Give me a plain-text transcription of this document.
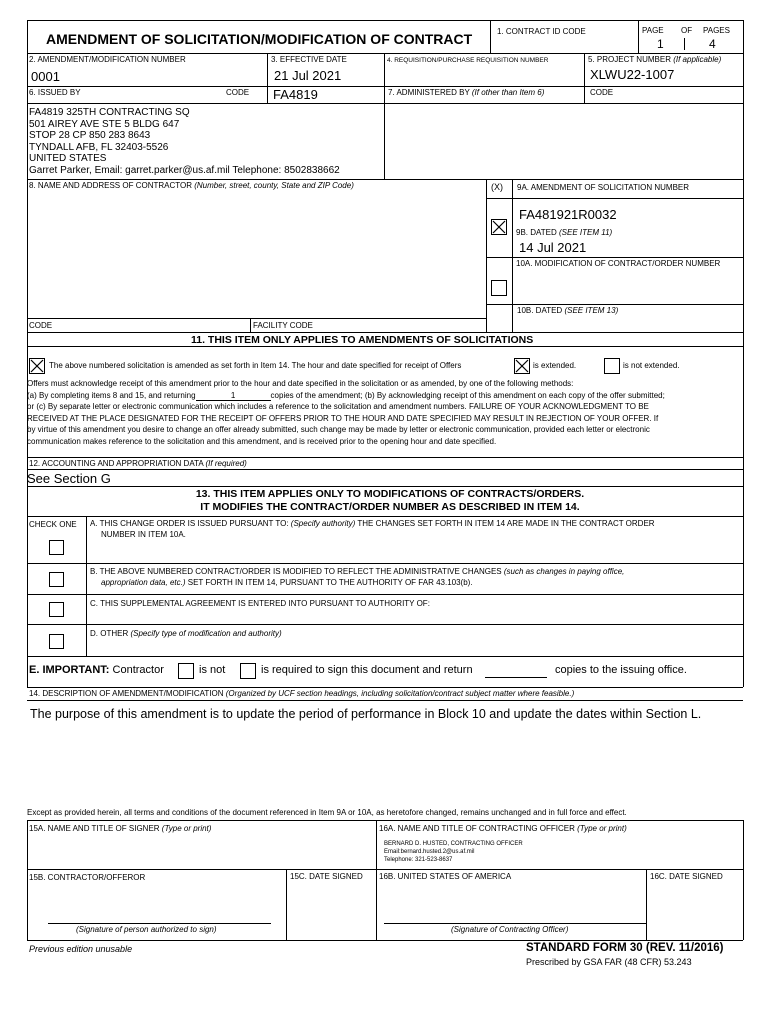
AMENDMENT OF SOLICITATION/MODIFICATION OF CONTRACT	1. CONTRACT ID CODE	PAGE OF PAGES
1	4
2. AMENDMENT/MODIFICATION NUMBER
0001
3. EFFECTIVE DATE
21 Jul 2021
4. REQUISITION/PURCHASE REQUISITION NUMBER	5. PROJECT NUMBER (If applicable)
XLWU22-1007
6. ISSUED BY	CODE FA4819	7. ADMINISTERED BY (If other than Item 6)	CODE
FA4819 325TH CONTRACTING SQ
501 AIREY AVE STE 5 BLDG 647
STOP 28 CP 850 283 8643
TYNDALL AFB, FL 32403-5526
UNITED STATES
Garret Parker, Email: garret.parker@us.af.mil Telephone: 8502838662
8. NAME AND ADDRESS OF CONTRACTOR (Number, street, county, State and ZIP Code)	(X) 9A. AMENDMENT OF SOLICITATION NUMBER
FA481921R0032
9B. DATED (SEE ITEM 11)
14 Jul 2021
10A. MODIFICATION OF CONTRACT/ORDER NUMBER
10B. DATED (SEE ITEM 13)
CODE	FACILITY CODE
11. THIS ITEM ONLY APPLIES TO AMENDMENTS OF SOLICITATIONS
The above numbered solicitation is amended as set forth in Item 14. The hour and date specified for receipt of Offers	is extended.	is not extended.
Offers must acknowledge receipt of this amendment prior to the hour and date specified in the solicitation or as amended, by one of the following methods:
(a) By completing items 8 and 15, and returning	1	copies of the amendment; (b) By acknowledging receipt of this amendment on each copy of the offer submitted;
or (c) By separate letter or electronic communication which includes a reference to the solicitation and amendment numbers. FAILURE OF YOUR ACKNOWLEDGMENT TO BE
RECEIVED AT THE PLACE DESIGNATED FOR THE RECEIPT OF OFFERS PRIOR TO THE HOUR AND DATE SPECIFIED MAY RESULT IN REJECTION OF YOUR OFFER. If
by virtue of this amendment you desire to change an offer already submitted, such change may be made by letter or electronic communication, provided each letter or electronic
communication makes reference to the solicitation and this amendment, and is received prior to the opening hour and date specified.
12. ACCOUNTING AND APPROPRIATION DATA (If required)
See Section G
13. THIS ITEM APPLIES ONLY TO MODIFICATIONS OF CONTRACTS/ORDERS.
IT MODIFIES THE CONTRACT/ORDER NUMBER AS DESCRIBED IN ITEM 14.
CHECK ONE A. THIS CHANGE ORDER IS ISSUED PURSUANT TO: (Specify authority) THE CHANGES SET FORTH IN ITEM 14 ARE MADE IN THE CONTRACT ORDER
NUMBER IN ITEM 10A.
B. THE ABOVE NUMBERED CONTRACT/ORDER IS MODIFIED TO REFLECT THE ADMINISTRATIVE CHANGES (such as changes in paying office,
appropriation data, etc.) SET FORTH IN ITEM 14, PURSUANT TO THE AUTHORITY OF FAR 43.103(b).
C. THIS SUPPLEMENTAL AGREEMENT IS ENTERED INTO PURSUANT TO AUTHORITY OF:
D. OTHER (Specify type of modification and authority)
E. IMPORTANT: Contractor	is not	is required to sign this document and return	copies to the issuing office.
14. DESCRIPTION OF AMENDMENT/MODIFICATION (Organized by UCF section headings, including solicitation/contract subject matter where feasible.)
The purpose of this amendment is to update the period of performance in Block 10 and update the dates within Section L.
Except as provided herein, all terms and conditions of the document referenced in Item 9A or 10A, as heretofore changed, remains unchanged and in full force and effect.
15A. NAME AND TITLE OF SIGNER (Type or print)	16A. NAME AND TITLE OF CONTRACTING OFFICER (Type or print)
BERNARD D. HUSTED, CONTRACTING OFFICER
Email:bernard.husted.2@us.af.mil
Telephone: 321-523-8637
15B. CONTRACTOR/OFFEROR	15C. DATE SIGNED 16B. UNITED STATES OF AMERICA	16C. DATE SIGNED
(Signature of person authorized to sign)	(Signature of Contracting Officer)
Previous edition unusable	STANDARD FORM 30 (REV. 11/2016)
Prescribed by GSA FAR (48 CFR) 53.243
